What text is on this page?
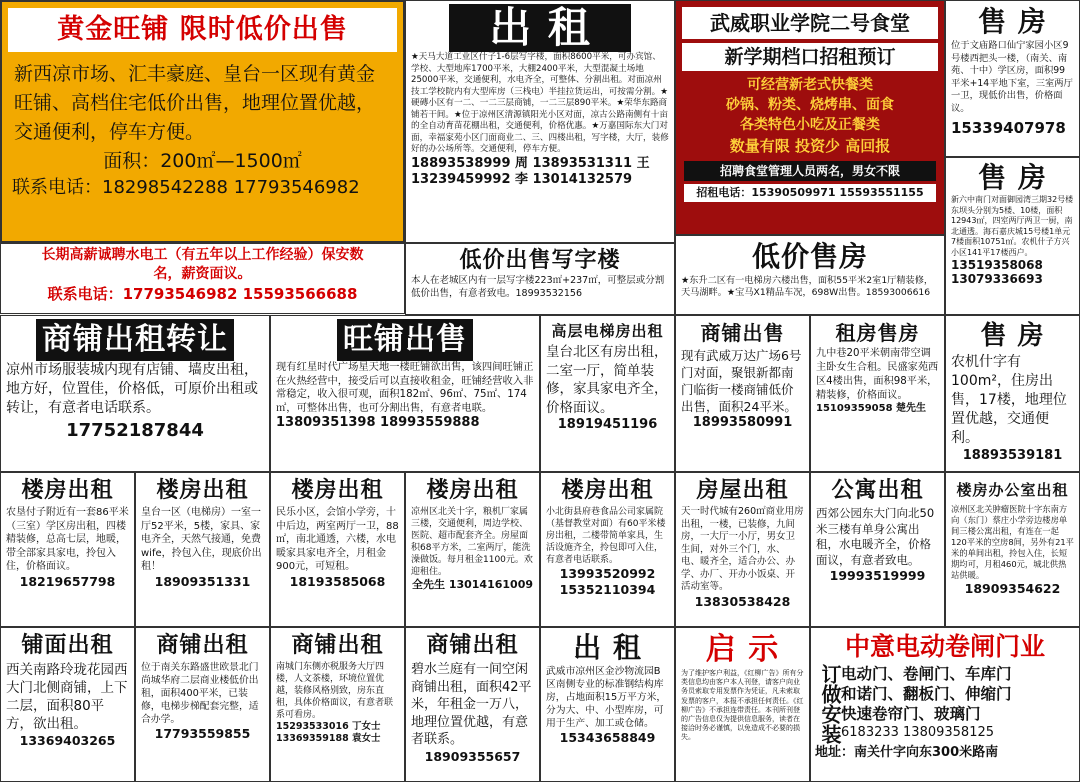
黄金旺铺 限时低价出售
新西凉市场、汇丰豪庭、皇台一区现有黄金旺铺、高档住宅低价出售，地理位置优越，交通便利，停车方便。
面积：200㎡—1500㎡
联系电话：18298542288 17793546982
长期高薪诚聘水电工（有五年以上工作经验）保安数名，薪资面议。
联系电话：17793546982 15593566688
出 租
★天马大道工业区什子1-6层写字楼，面积8600平米，可办宾馆、学校、大型地库1700平米，大棚2400平米，大型混凝土场地25000平米，交通便利，水电齐全，可整体、分割出租。对面凉州技工学校院内有大型库房（三栈电）半挂拉货运出，可按需分割。★硬磚小区有一二、一二三层商铺，一二三层890平米。★荣华东路商铺若干间。★位于凉州区清源镇阳光小区对面，凉古公路南侧有十亩的全自动育苗花棚出租，交通便利，价格优惠。★万嘉国际东大门对面，幸福家苑小区门面商业二、三、四楼出租，写字楼，大厅，装修好的办公场所等。交通便利，停车方便。
18893538999 周 13893531311 王 13239459992 李 13014132579
武威职业学院二号食堂
新学期档口招租预订
可经营新老式快餐类
砂锅、粉类、烧烤串、面食
各类特色小吃及正餐类
数量有限 投资少 高回报
招聘食堂管理人员两名，男女不限
招租电话：15390509971 15593551155
售 房
位于文庙路口仙宁家园小区9号楼西把头一楼，（南关、南苑、十中）学区房，面积99平米+14平地下室，三室两厅一卫，现低价出售，价格面议。
15339407978
售 房
新六中南门对面御园湾三期32号楼东坝头分别为5楼、10楼，面积12943㎡，四室两厅两卫一厨，南北通透。海石嘉庆城15号楼1单元7楼面积10751㎡。农机什子方兴小区141平17楼西户。
13519358068 13079336693
低价出售写字楼
本人在老城区内有一层写字楼223㎡+237㎡，可整层或分割低价出售，有意者致电。18993532156
低价售房
★东升二区有一电梯房六楼出售，面积55平米2室1厅精装修，天马湖畔。★宝马X1精品车况，698W出售。18593006616
商铺出租转让
凉州市场服装城内现有店铺、墙皮出租，地方好，位置佳，价格低，可原价出租或转让，有意者电话联系。
17752187844
旺铺出售
现有红星时代广场星天地一楼旺铺欲出售，该四间旺铺正在火热经营中，接受后可以直接收租金，旺铺经营收入非常稳定，收入很可观，面积182㎡、96㎡、75㎡、174㎡，可整体出售，也可分割出售，有意者电联。
13809351398 18993559888
高层电梯房出租
皇台北区有房出租，二室一厅，简单装修，家具家电齐全，价格面议。
18919451196
商铺出售
现有武威万达广场6号门对面，聚银新都南门临街一楼商铺低价出售，面积24平米。
18993580991
租房售房
九中巷20平米朝南带空调主卧女生合租。民盛家苑西区4楼出售，面积98平米，精装修，价格面议。
15109359058 楚先生
售 房
农机什字有100m²，住房出售，17楼，地理位置优越，交通便利。
18893539181
楼房出租
农垦付子附近有一套86平米（三室）学区房出租，四楼精装修，总高七层，地暖，带全部家具家电，拎包入住，价格面议。
18219657798
楼房出租
皇台一区（电梯房）一室一厅52平米，5楼，家具、家电齐全，天然气接通，免费wife，拎包入住，现底价出租！
18909351331
楼房出租
民乐小区，会馆小学旁，十中后边，两室两厅一卫，88㎡，南北通透，六楼，水电暖家具家电齐全，月租金900元，可短租。
18193585068
楼房出租
凉州区北关十字，粮机厂家属三楼，交通便利，周边学校、医院、超市配套齐全。房屋面积68平方米，二室两厅，能洗澡做饭。每月租金1100元。欢迎租住。
全先生 13014161009
楼房出租
小北街县府巷食品公司家属院（基督教堂对面）有60平米楼房出租，二楼带简单家具，生活设施齐全，拎包即可入住，有意者电话联系。
13993520992 15352110394
房屋出租
天一时代城有260㎡商业用房出租，一楼，已装修，九间房，一大厅一小厅，男女卫生间，对外三个门，水、电、暖齐全，适合办公、办学、办厂、开办小饭桌、开活动室等。
13830538428
公寓出租
西郊公园东大门向北50米三楼有单身公寓出租，水电暖齐全，价格面议，有意者致电。
19993519999
楼房办公室出租
凉州区北关肿瘤医院十字东南方向（东门）蔡庄小学旁边楼房单间三楼公寓出租，有连在一起120平米的空房8间，另外有21平米的单间出租，拎包入住，长短期均可，月租460元，城北供热站供暖。
18909354622
铺面出租
西关南路玲珑花园西大门北侧商铺，上下二层，面积80平方，欲出租。
13369403265
商铺出租
位于南关东路盛世欧景北门尚城华府二层商业楼低价出租，面积400平米，已装修，电梯步梯配套完整，适合办学。
17793559855
商铺出租
南城门东侧亦税服务大厅四楼，人文茶楼，环境位置优越，装修风格别致，房东直租，具体价格面议，有意者联系可看房。
15293533016 丁女士 13369359188 袁女士
商铺出租
碧水兰庭有一间空闲商铺出租，面积42平米，年租金一万八，地理位置优越，有意者联系。
18909355657
出 租
武威市凉州区金沙物流园B区南侧专业的标准钢结构库房，占地面积15万平方米，分为大、中、小型库房，可用于生产、加工或仓储。
15343658849
启 示
为了维护客户利益，《红柳广告》所有分类信息均由客户本人刊登，请客户向业务员索取专用发票作为凭证，凡未索取发票的客户，本报不承担任何责任。《红柳广告》不承担连带责任。本刊所刊登的广告信息仅为提供信息服务，读者在接洽时务必谨慎，以免造成不必要的损失。
中意电动卷闸门业
订做安装 电动门、卷闸门、车库门
和诺门、翻板门、伸缩门
快速卷帘门、玻璃门
6183233 13809358125
地址：南关什字向东300米路南
